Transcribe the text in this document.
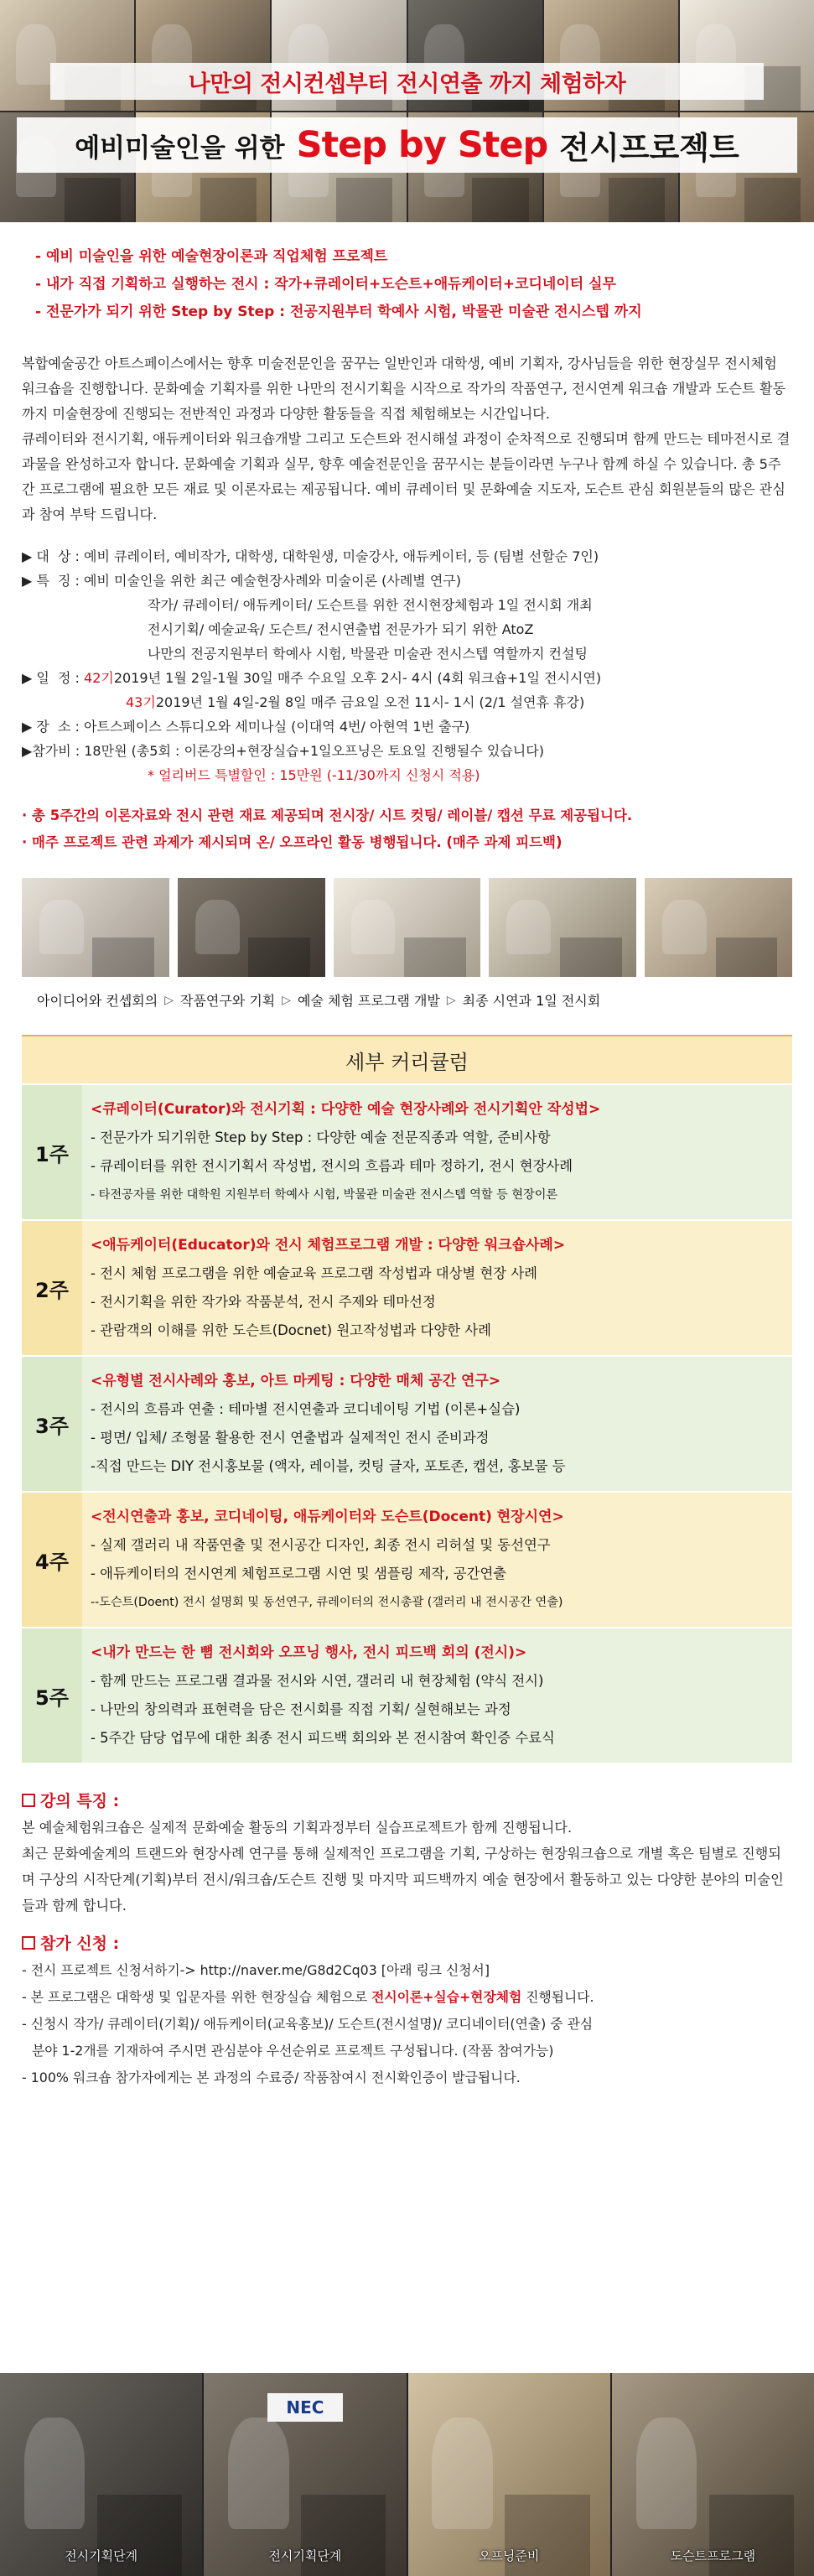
나만의 전시컨셉부터 전시연출 까지 체험하자
예비미술인을 위한 Step by Step 전시프로젝트
- 예비 미술인을 위한 예술현장이론과 직업체험 프로젝트
- 내가 직접 기획하고 실행하는 전시 : 작가+큐레이터+도슨트+애듀케이터+코디네이터 실무
- 전문가가 되기 위한 Step by Step : 전공지원부터 학예사 시험, 박물관 미술관 전시스텝 까지

복합예술공간 아트스페이스에서는 향후 미술전문인을 꿈꾸는 일반인과 대학생, 예비 기획자, 강사님들을 위한 현장실무 전시체험 워크숍을 진행합니다. 문화예술 기획자를 위한 나만의 전시기획을 시작으로 작가의 작품연구, 전시연계 워크숍 개발과 도슨트 활동까지 미술현장에 진행되는 전반적인 과정과 다양한 활동들을 직접 체험해보는 시간입니다.

큐레이터와 전시기획, 애듀케이터와 워크숍개발 그리고 도슨트와 전시해설 과정이 순차적으로 진행되며 함께 만드는 테마전시로 결과물을 완성하고자 합니다. 문화예술 기획과 실무, 향후 예술전문인을 꿈꾸시는 분들이라면 누구나 함께 하실 수 있습니다. 총 5주간 프로그램에 필요한 모든 재료 및 이론자료는 제공됩니다. 예비 큐레이터 및 문화예술 지도자, 도슨트 관심 회원분들의 많은 관심과 참여 부탁 드립니다.

▶ 대  상 : 예비 큐레이터, 예비작가, 대학생, 대학원생, 미술강사, 애듀케이터, 등 (팀별 선할순 7인)
▶ 특  징 : 예비 미술인을 위한 최근 예술현장사례와 미술이론 (사례별 연구)
작가/ 큐레이터/ 애듀케이터/ 도슨트를 위한 전시현장체험과 1일 전시회 개최
전시기획/ 예술교육/ 도슨트/ 전시연출법 전문가가 되기 위한 AtoZ
나만의 전공지원부터 학예사 시험, 박물관 미술관 전시스텝 역할까지 컨설팅
▶ 일  정 : 42기 2019년 1월 2일-1월 30일 매주 수요일 오후 2시- 4시 (4회 워크숍+1일 전시시연)
43기 2019년 1월 4일-2월 8일 매주 금요일 오전 11시- 1시 (2/1 설연휴 휴강)
▶ 장  소 : 아트스페이스 스튜디오와 세미나실 (이대역 4번/ 아현역 1번 출구)
▶참가비 : 18만원 (총5회 : 이론강의+현장실습+1일오프닝은 토요일 진행될수 있습니다)
* 얼리버드 특별할인 : 15만원 (-11/30까지 신청시 적용)
· 총 5주간의 이론자료와 전시 관련 재료 제공되며 전시장/ 시트 컷팅/ 레이블/ 캡션 무료 제공됩니다.
· 매주 프로젝트 관련 과제가 제시되며 온/ 오프라인 활동 병행됩니다. (매주 과제 피드백)
아이디어와 컨셉회의 ▷ 작품연구와 기획 ▷ 예술 체험 프로그램 개발 ▷ 최종 시연과 1일 전시회
세부 커리큘럼
1주
<큐레이터(Curator)와 전시기획 : 다양한 예술 현장사례와 전시기획안 작성법>
- 전문가가 되기위한 Step by Step : 다양한 예술 전문직종과 역할, 준비사항
- 큐레이터를 위한 전시기획서 작성법, 전시의 흐름과 테마 정하기, 전시 현장사례
- 타전공자를 위한 대학원 지원부터 학예사 시험, 박물관 미술관 전시스텝 역할 등 현장이론
2주
<애듀케이터(Educator)와 전시 체험프로그램 개발 : 다양한 워크숍사례>
- 전시 체험 프로그램을 위한 예술교육 프로그램 작성법과 대상별 현장 사례
- 전시기획을 위한 작가와 작품분석, 전시 주제와 테마선정
- 관람객의 이해를 위한 도슨트(Docnet) 원고작성법과 다양한 사례
3주
<유형별 전시사례와 홍보, 아트 마케팅 : 다양한 매체 공간 연구>
- 전시의 흐름과 연출 : 테마별 전시연출과 코디네이팅 기법 (이론+실습)
- 평면/ 입체/ 조형물 활용한 전시 연출법과 실제적인 전시 준비과정
-직접 만드는 DIY 전시홍보물 (액자, 레이블, 컷팅 글자, 포토존, 캡션, 홍보물 등
4주
<전시연출과 홍보, 코디네이팅, 애듀케이터와 도슨트(Docent) 현장시연>
- 실제 갤러리 내 작품연출 및 전시공간 디자인, 최종 전시 리허설 및 동선연구
- 애듀케이터의 전시연계 체험프로그램 시연 및 샘플링 제작, 공간연출
--도슨트(Doent) 전시 설명회 및 동선연구, 큐레이터의 전시총괄 (갤러리 내 전시공간 연출)
5주
<내가 만드는 한 뼘 전시회와 오프닝 행사, 전시 피드백 회의 (전시)>
- 함께 만드는 프로그램 결과물 전시와 시연, 갤러리 내 현장체험 (약식 전시)
- 나만의 창의력과 표현력을 담은 전시회를 직접 기획/ 실현해보는 과정
- 5주간 담당 업무에 대한 최종 전시 피드백 회의와 본 전시참여 확인증 수료식
강의 특징 :

본 예술체험워크숍은 실제적 문화예술 활동의 기획과정부터 실습프로젝트가 함께 진행됩니다.

최근 문화예술계의 트랜드와 현장사례 연구를 통해 실제적인 프로그램을 기획, 구상하는 현장워크숍으로 개별 혹은 팀별로 진행되며 구상의 시작단계(기획)부터 전시/워크숍/도슨트 진행 및 마지막 피드백까지 예술 현장에서 활동하고 있는 다양한 분야의 미술인들과 함께 합니다.

참가 신청 :
- 전시 프로젝트 신청서하기-> http://naver.me/G8d2Cq03 [아래 링크 신청서]
- 본 프로그램은 대학생 및 입문자를 위한 현장실습 체험으로 전시이론+실습+현장체험 진행됩니다.
- 신청시 작가/ 큐레이터(기획)/ 애듀케이터(교육홍보)/ 도슨트(전시설명)/ 코디네이터(연출) 중 관심
분야 1-2개를 기재하여 주시면 관심분야 우선순위로 프로젝트 구성됩니다. (작품 참여가능)
- 100% 워크숍 참가자에게는 본 과정의 수료증/ 작품참여시 전시확인증이 발급됩니다.
전시기획단계
NEC
전시기획단계	오프닝준비	도슨트프로그램
